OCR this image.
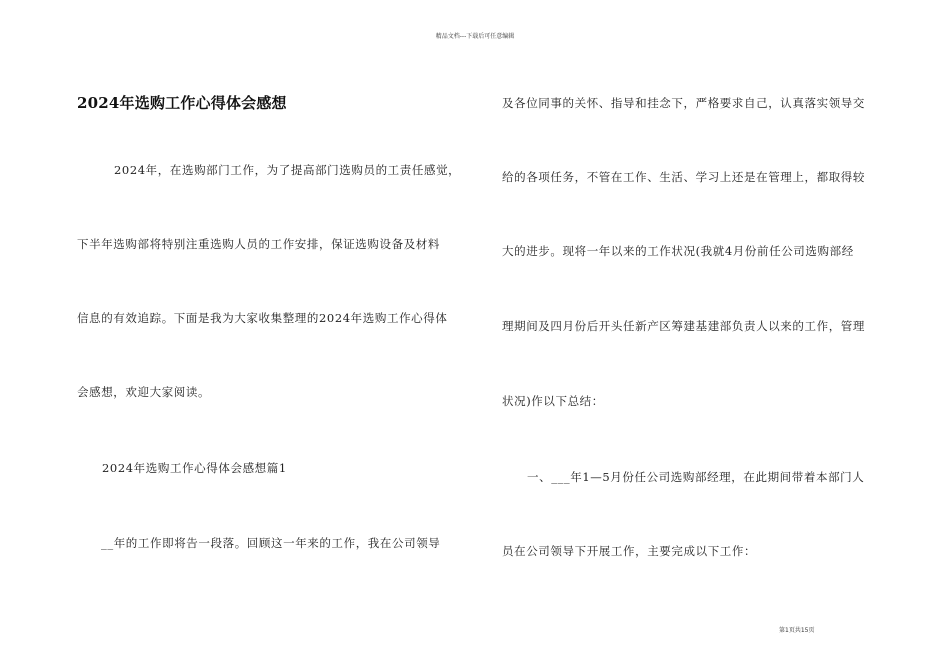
精品文档---下载后可任意编辑
2024年选购工作心得体会感想
2024年，在选购部门工作，为了提高部门选购员的工责任感觉，
下半年选购部将特别注重选购人员的工作安排，保证选购设备及材料
信息的有效追踪。下面是我为大家收集整理的2024年选购工作心得体
会感想，欢迎大家阅读。
2024年选购工作心得体会感想篇1
__年的工作即将告一段落。回顾这一年来的工作，我在公司领导
及各位同事的关怀、指导和挂念下，严格要求自己，认真落实领导交
给的各项任务，不管在工作、生活、学习上还是在管理上，都取得较
大的进步。现将一年以来的工作状况(我就4月份前任公司选购部经
理期间及四月份后开头任新产区筹建基建部负责人以来的工作，管理
状况)作以下总结：
一、___年1—5月份任公司选购部经理，在此期间带着本部门人
员在公司领导下开展工作，主要完成以下工作：
第1页共15页
